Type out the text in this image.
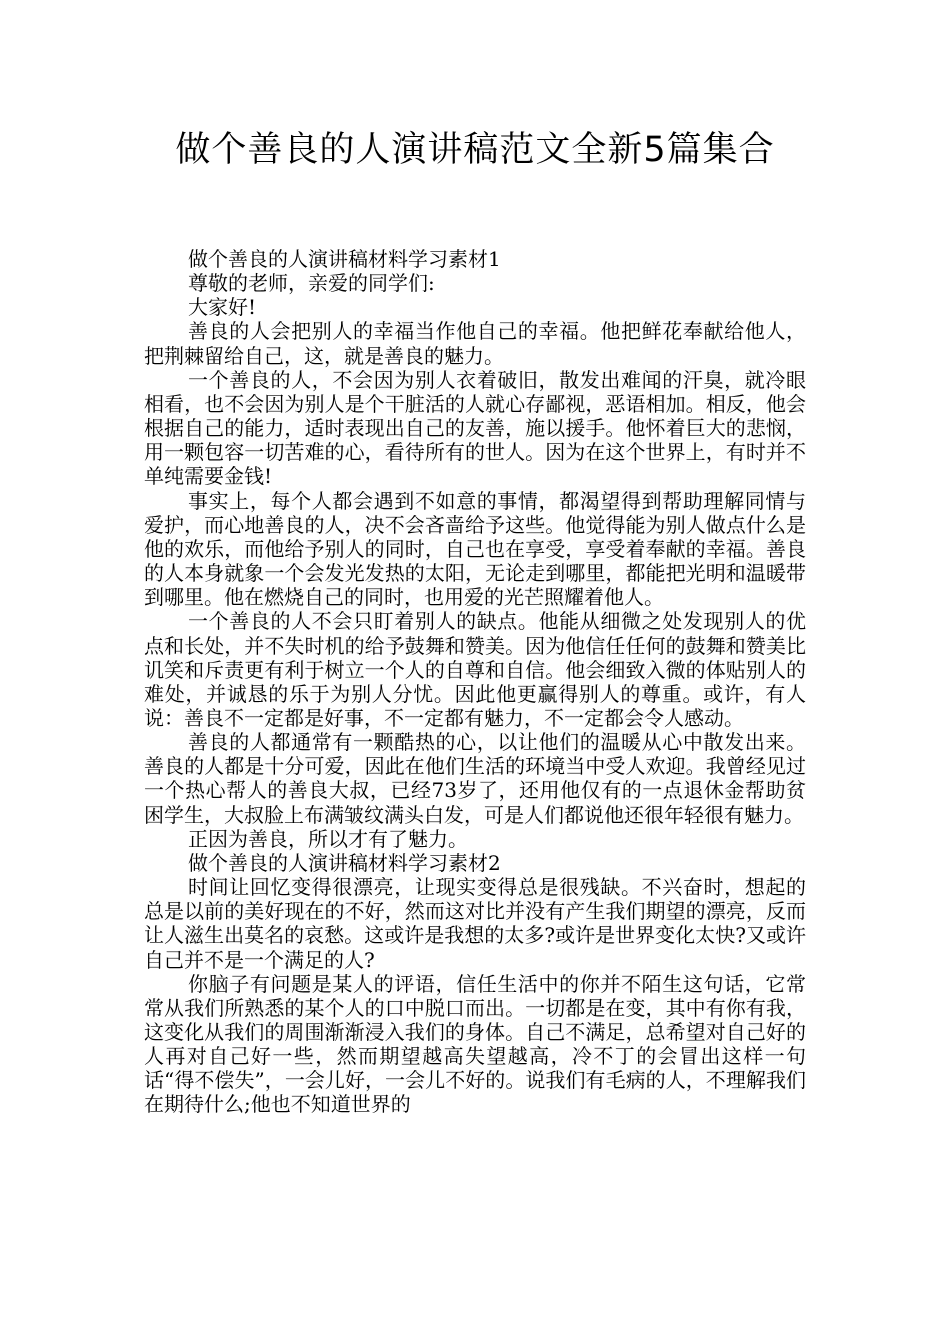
做个善良的人演讲稿范文全新5篇集合

做个善良的人演讲稿材料学习素材1

尊敬的老师，亲爱的同学们:

大家好!

善良的人会把别人的幸福当作他自己的幸福。他把鲜花奉献给他人，把荆棘留给自己，这，就是善良的魅力。

一个善良的人，不会因为别人衣着破旧，散发出难闻的汗臭，就冷眼相看，也不会因为别人是个干脏活的人就心存鄙视，恶语相加。相反，他会根据自己的能力，适时表现出自己的友善，施以援手。他怀着巨大的悲悯，用一颗包容一切苦难的心，看待所有的世人。因为在这个世界上，有时并不单纯需要金钱!

事实上，每个人都会遇到不如意的事情，都渴望得到帮助理解同情与爱护，而心地善良的人，决不会吝啬给予这些。他觉得能为别人做点什么是他的欢乐，而他给予别人的同时，自己也在享受，享受着奉献的幸福。善良的人本身就象一个会发光发热的太阳，无论走到哪里，都能把光明和温暖带到哪里。他在燃烧自己的同时，也用爱的光芒照耀着他人。

一个善良的人不会只盯着别人的缺点。他能从细微之处发现别人的优点和长处，并不失时机的给予鼓舞和赞美。因为他信任任何的鼓舞和赞美比讥笑和斥责更有利于树立一个人的自尊和自信。他会细致入微的体贴别人的难处，并诚恳的乐于为别人分忧。因此他更赢得别人的尊重。或许，有人说：善良不一定都是好事，不一定都有魅力，不一定都会令人感动。

善良的人都通常有一颗酷热的心，以让他们的温暖从心中散发出来。善良的人都是十分可爱，因此在他们生活的环境当中受人欢迎。我曾经见过一个热心帮人的善良大叔，已经73岁了，还用他仅有的一点退休金帮助贫困学生，大叔脸上布满皱纹满头白发，可是人们都说他还很年轻很有魅力。

正因为善良，所以才有了魅力。

做个善良的人演讲稿材料学习素材2

时间让回忆变得很漂亮，让现实变得总是很残缺。不兴奋时，想起的总是以前的美好现在的不好，然而这对比并没有产生我们期望的漂亮，反而让人滋生出莫名的哀愁。这或许是我想的太多?或许是世界变化太快?又或许自己并不是一个满足的人?

你脑子有问题是某人的评语，信任生活中的你并不陌生这句话，它常常从我们所熟悉的某个人的口中脱口而出。一切都是在变，其中有你有我，这变化从我们的周围渐渐浸入我们的身体。自己不满足，总希望对自己好的人再对自己好一些，然而期望越高失望越高，冷不丁的会冒出这样一句话“得不偿失”，一会儿好，一会儿不好的。说我们有毛病的人，不理解我们在期待什么;他也不知道世界的
